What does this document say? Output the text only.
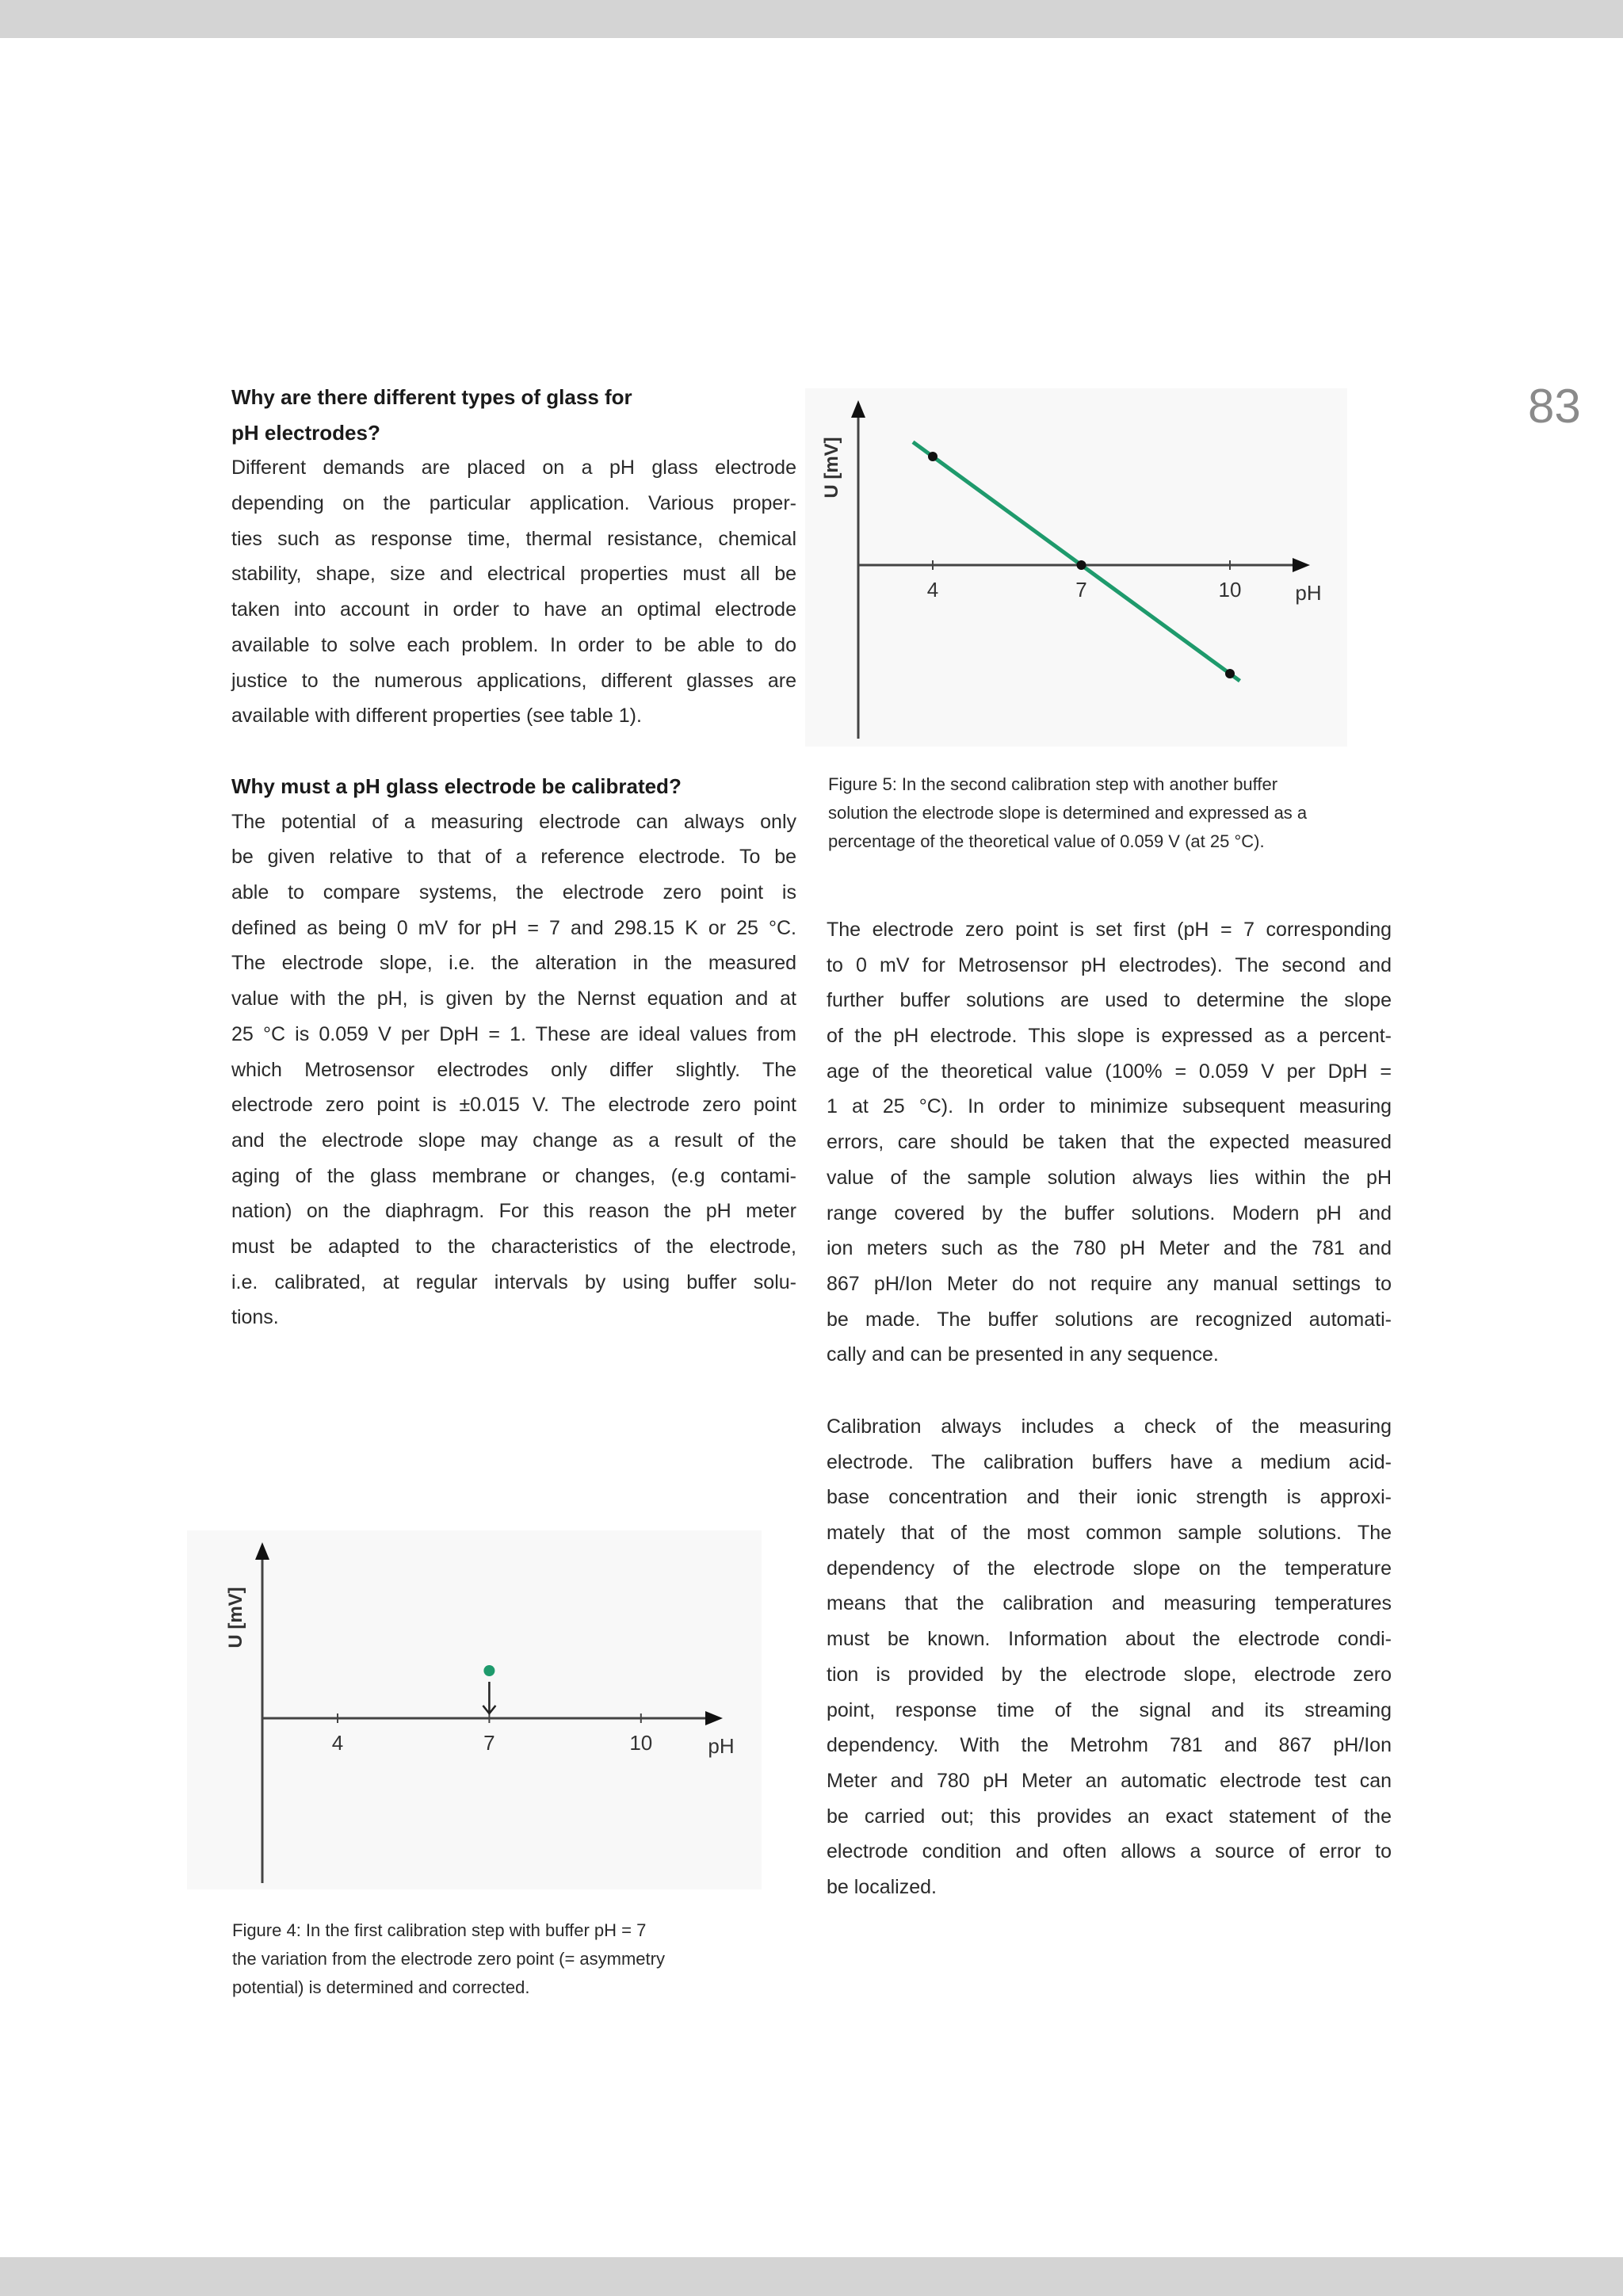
83
Why are there different types of glass for
pH electrodes?
Different demands are placed on a pH glass electrode
depending on the particular application. Various proper-
ties such as response time, thermal resistance, chemical
stability, shape, size and electrical properties must all be
taken into account in order to have an optimal electrode
available to solve each problem. In order to be able to do
justice to the numerous applications, different glasses are
available with different properties (see table 1).
Why must a pH glass electrode be calibrated?
The potential of a measuring electrode can always only
be given relative to that of a reference electrode. To be
able to compare systems, the electrode zero point is
defined as being 0 mV for pH = 7 and 298.15 K or 25 °C.
The electrode slope, i.e. the alteration in the measured
value with the pH, is given by the Nernst equation and at
25 °C is 0.059 V per DpH = 1. These are ideal values from
which Metrosensor electrodes only differ slightly. The
electrode zero point is ±0.015 V. The electrode zero point
and the electrode slope may change as a result of the
aging of the glass membrane or changes, (e.g contami-
nation) on the diaphragm. For this reason the pH meter
must be adapted to the characteristics of the electrode,
i.e. calibrated, at regular intervals by using buffer solu-
tions.
The electrode zero point is set first (pH = 7 corresponding
to 0 mV for Metrosensor pH electrodes). The second and
further buffer solutions are used to determine the slope
of the pH electrode. This slope is expressed as a percent-
age of the theoretical value (100% = 0.059 V per DpH =
1 at 25 °C). In order to minimize subsequent measuring
errors, care should be taken that the expected measured
value of the sample solution always lies within the pH
range covered by the buffer solutions. Modern pH and
ion meters such as the 780 pH Meter and the 781 and
867 pH/Ion Meter do not require any manual settings to
be made. The buffer solutions are recognized automati-
cally and can be presented in any sequence.
Calibration always includes a check of the measuring
electrode. The calibration buffers have a medium acid-
base concentration and their ionic strength is approxi-
mately that of the most common sample solutions. The
dependency of the electrode slope on the temperature
means that the calibration and measuring temperatures
must be known. Information about the electrode condi-
tion is provided by the electrode slope, electrode zero
point, response time of the signal and its streaming
dependency. With the Metrohm 781 and 867 pH/Ion
Meter and 780 pH Meter an automatic electrode test can
be carried out; this provides an exact statement of the
electrode condition and often allows a source of error to
be localized.
4	7	10	pH
U [mV]
Figure 5: In the second calibration step with another buffer
solution the electrode slope is determined and expressed as a
percentage of the theoretical value of 0.059 V (at 25 °C).
4	7	10	pH
U [mV]
Figure 4: In the first calibration step with buffer pH = 7
the variation from the electrode zero point (= asymmetry
potential) is determined and corrected.
